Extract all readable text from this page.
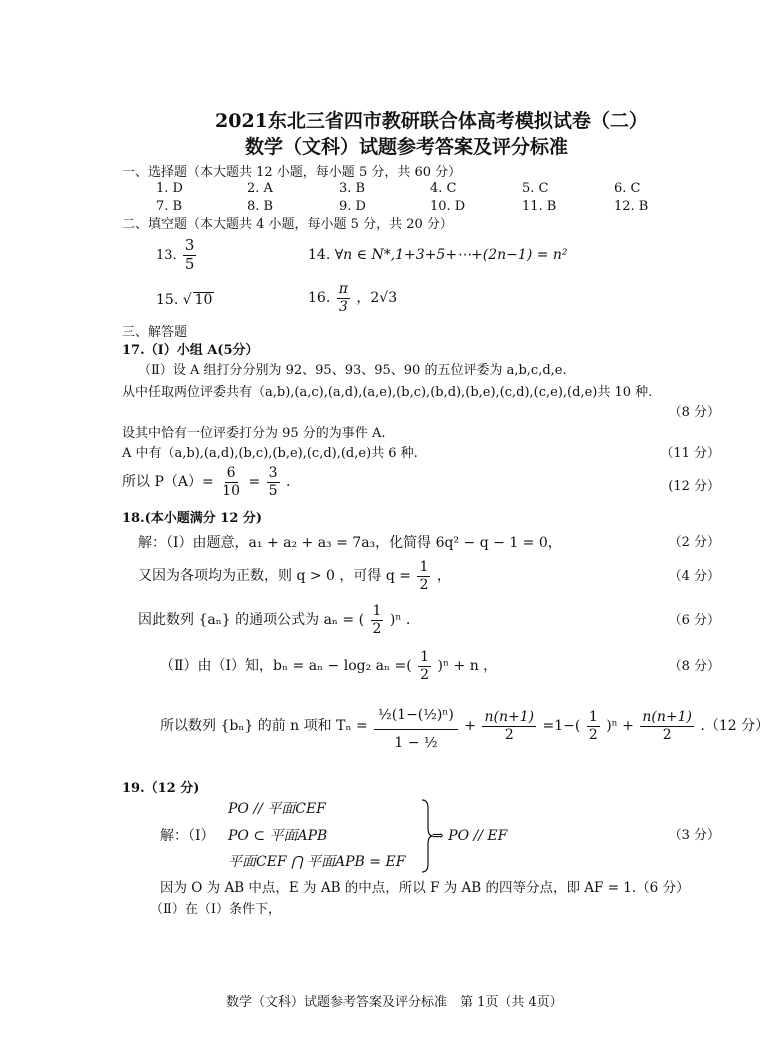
2021东北三省四市教研联合体高考模拟试卷（二）
数学（文科）试题参考答案及评分标准
一、选择题（本大题共 12 小题，每小题 5 分，共 60 分）
1. D	2. A	3. B	4. C	5. C	6. C
7. B	8. B	9. D	10. D	11. B	12. B
二、填空题（本大题共 4 小题，每小题 5 分，共 20 分）
13. $\frac{3}{5}$	14. ∀n ∈ N*,1+3+5+⋯+(2n−1) = n²
15. √ 10	16. $\frac{\pi}{3}$ ，2√3
三、解答题
17.（Ⅰ）小组 A(5分）
（Ⅱ）设 A 组打分分别为 92、95、93、95、90 的五位评委为 a,b,c,d,e.
从中任取两位评委共有（a,b),(a,c),(a,d),(a,e),(b,c),(b,d),(b,e),(c,d),(c,e),(d,e)共 10 种.
（8 分）
设其中恰有一位评委打分为 95 分的为事件 A.
A 中有（a,b),(a,d),(b,c),(b,e),(c,d),(d,e)共 6 种.	（11 分）
所以 $P(A)= \frac{6}{10} = \frac{3}{5}$ .	(12 分）
18.(本小题满分 12 分)
解：（Ⅰ）由题意，a₁ + a₂ + a₃ = 7a₃，化简得 6q² − q − 1 = 0，	（2 分）
又因为各项均为正数，则 q > 0 ，可得 $q = \frac{1}{2}$ ，	（4 分）
因此数列 {aₙ} 的通项公式为 aₙ = ( $\frac{1}{2} )^n$ .	（6 分）
（Ⅱ）由（Ⅰ）知，bₙ = aₙ − log₂ aₙ =( $\frac{1}{2} )^n + n$ ，	（8 分）
所以数列 {bₙ} 的前 n 项和 $T_n = \frac{\text{½(1−(½)ⁿ)}}{\text{1 − ½}} + \frac{n(n+1)}{2} =1-( \frac{1}{2} )^n + \frac{n(n+1)}{2} .(12$ 分）
19.（12 分)
PO // 平面CEF
解：（Ⅰ） PO ⊂ 平面APB
平面CEF ⋂ 平面APB = EF
⇒ PO // EF	（3 分）
因为 O 为 AB 中点，E 为 AB 的中点，所以 F 为 AB 的四等分点，即 AF = 1.（6 分）
（Ⅱ）在（Ⅰ）条件下，
数学（文科）试题参考答案及评分标准　第 1页（共 4页）
